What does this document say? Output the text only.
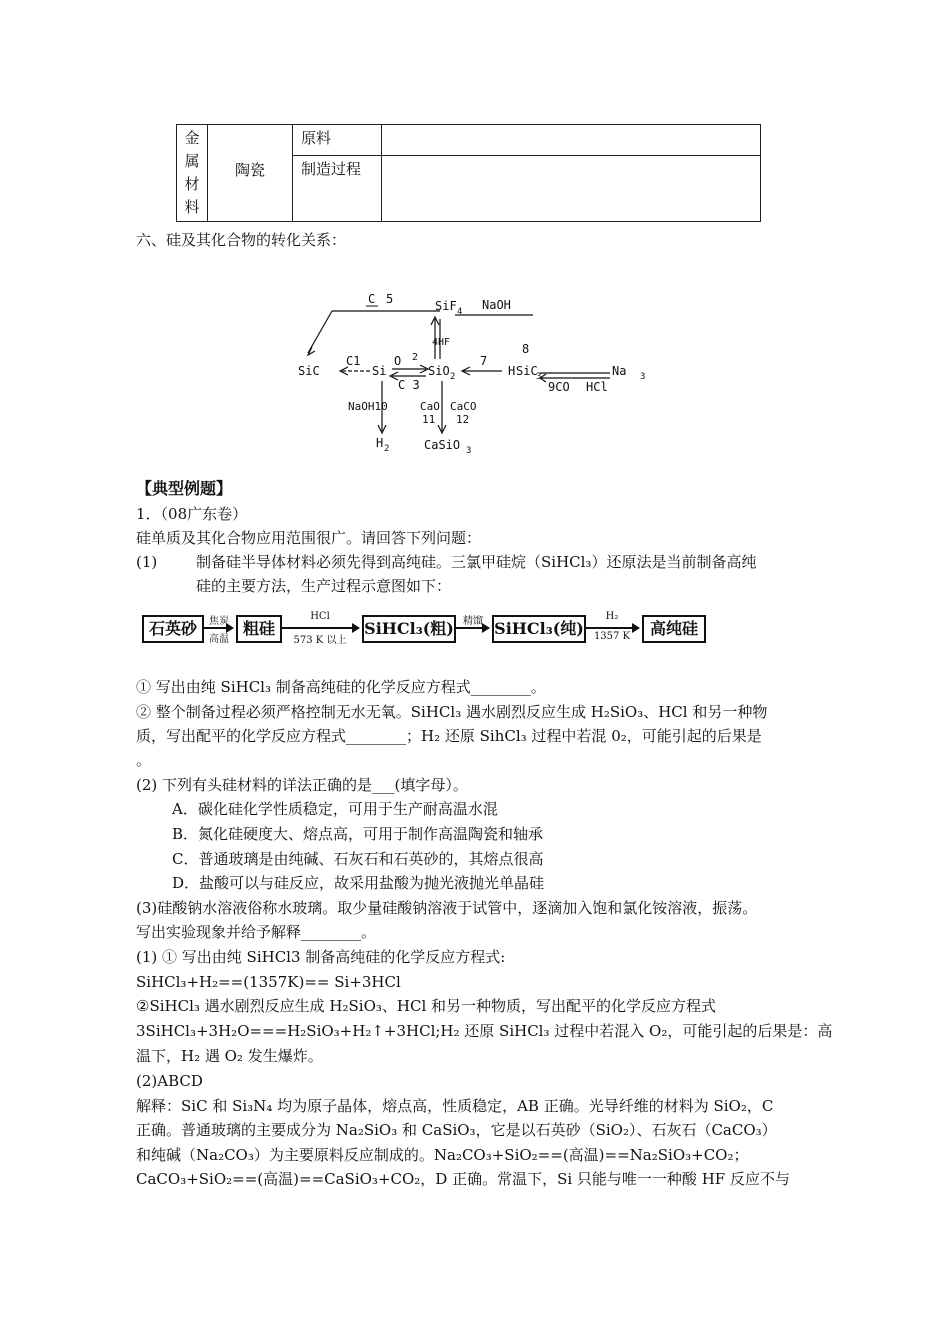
金
属
材
料	陶瓷	原料	
		制造过程	
六、硅及其化合物的转化关系：
C 5	SiF 4 NaOH
4HF
SiC
C1
Si
O 2
C 3
SiO 2
7
8
H SiC
3
9CO HCl
Na 3
NaOH10	CaO
11
CaCO
12
H 2	CaSiO 3
【典型例题】
1．（08广东卷）
硅单质及其化合物应用范围很广。请回答下列问题：
(1)	制备硅半导体材料必须先得到高纯硅。三氯甲硅烷（SiHCl₃）还原法是当前制备高纯
硅的主要方法，生产过程示意图如下：
石英砂	焦炭
高温
粗硅
HCl
573 K 以上
SiHCl₃(粗) 精馏 SiHCl₃(纯)
H₂
1357 K	高纯硅
① 写出由纯 SiHCl₃ 制备高纯硅的化学反应方程式________。
② 整个制备过程必须严格控制无水无氧。SiHCl₃ 遇水剧烈反应生成 H₂SiO₃、HCl 和另一种物
质，写出配平的化学反应方程式________；H₂ 还原 SihCl₃ 过程中若混 0₂，可能引起的后果是
。
(2) 下列有头硅材料的详法正确的是___(填字母）。
A．碳化硅化学性质稳定，可用于生产耐高温水混
B．氮化硅硬度大、熔点高，可用于制作高温陶瓷和轴承
C．普通玻璃是由纯碱、石灰石和石英砂的，其熔点很高
D．盐酸可以与硅反应，故采用盐酸为抛光液抛光单晶硅
(3)硅酸钠水溶液俗称水玻璃。取少量硅酸钠溶液于试管中，逐滴加入饱和氯化铵溶液，振荡。
写出实验现象并给予解释________。
(1) ① 写出由纯 SiHCl3 制备高纯硅的化学反应方程式:
SiHCl₃+H₂==(1357K)== Si+3HCl
②SiHCl₃ 遇水剧烈反应生成 H₂SiO₃、HCl 和另一种物质，写出配平的化学反应方程式
3SiHCl₃+3H₂O===H₂SiO₃+H₂↑+3HCl;H₂ 还原 SiHCl₃ 过程中若混入 O₂，可能引起的后果是：高
温下，H₂ 遇 O₂ 发生爆炸。
(2)ABCD
解释：SiC 和 Si₃N₄ 均为原子晶体，熔点高，性质稳定，AB 正确。光导纤维的材料为 SiO₂，C
正确。普通玻璃的主要成分为 Na₂SiO₃ 和 CaSiO₃，它是以石英砂（SiO₂）、石灰石（CaCO₃）
和纯碱（Na₂CO₃）为主要原料反应制成的。Na₂CO₃+SiO₂==(高温)==Na₂SiO₃+CO₂；
CaCO₃+SiO₂==(高温)==CaSiO₃+CO₂，D 正确。常温下，Si 只能与唯一一种酸 HF 反应不与
